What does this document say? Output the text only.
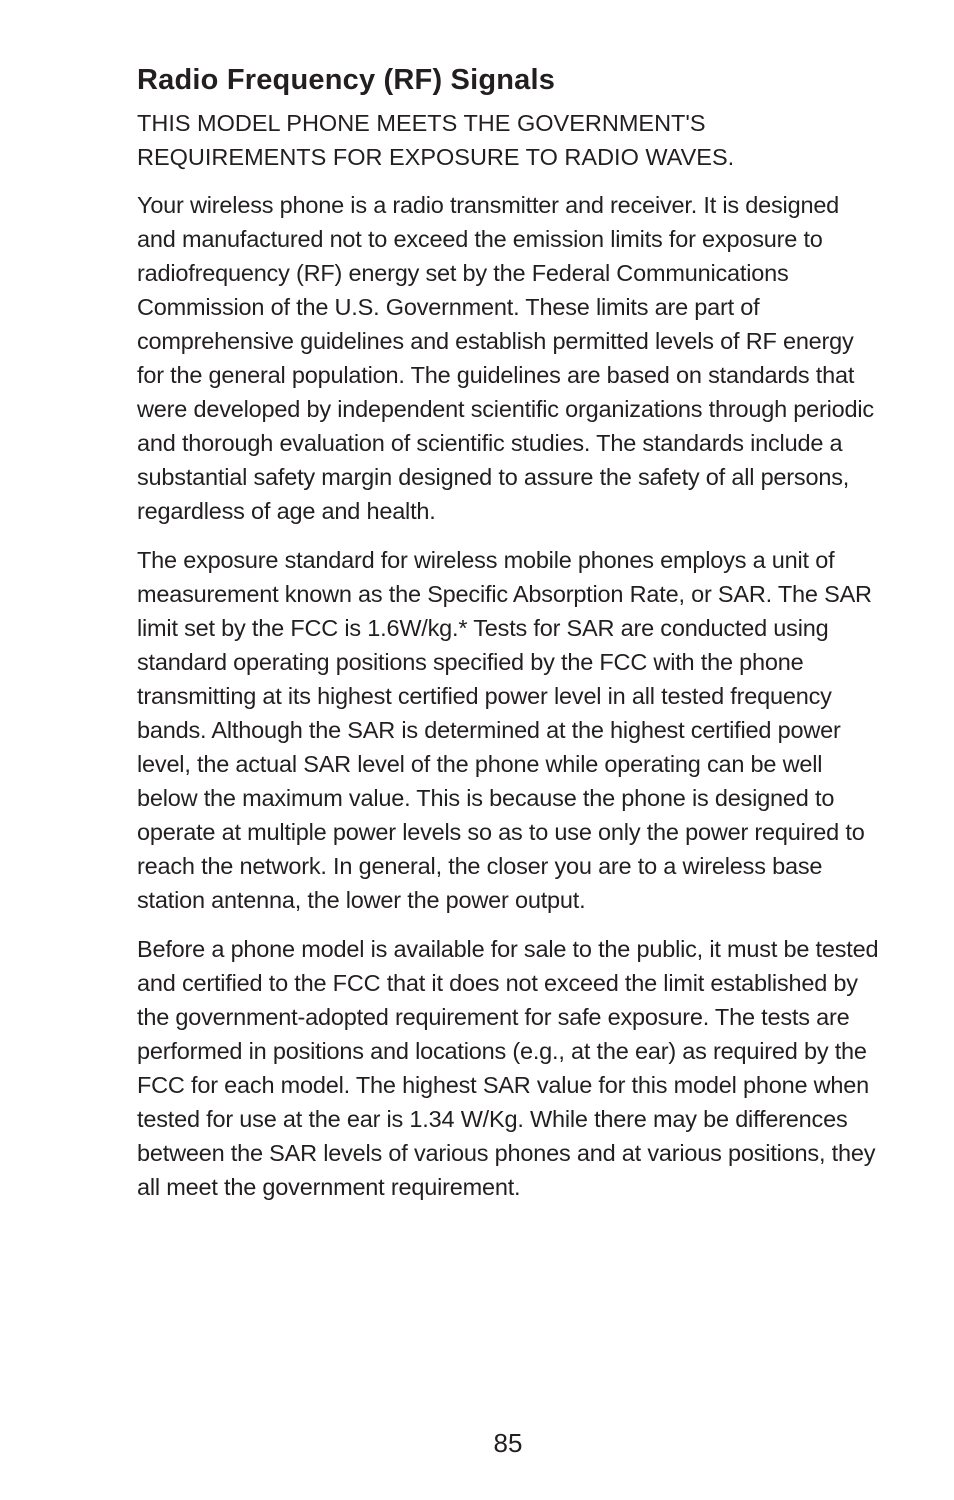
Radio Frequency (RF) Signals

THIS MODEL PHONE MEETS THE GOVERNMENT'S REQUIREMENTS FOR EXPOSURE TO RADIO WAVES.

Your wireless phone is a radio transmitter and receiver. It is designed and manufactured not to exceed the emission limits for exposure to radiofrequency (RF) energy set by the Federal Communications Commission of the U.S. Government. These limits are part of comprehensive guidelines and establish permitted levels of RF energy for the general population. The guidelines are based on standards that were developed by independent scientific organizations through periodic and thorough evaluation of scientific studies. The standards include a substantial safety margin designed to assure the safety of all persons, regardless of age and health.

The exposure standard for wireless mobile phones employs a unit of measurement known as the Specific Absorption Rate, or SAR. The SAR limit set by the FCC is 1.6W/kg.* Tests for SAR are conducted using standard operating positions specified by the FCC with the phone transmitting at its highest certified power level in all tested frequency bands. Although the SAR is determined at the highest certified power level, the actual SAR level of the phone while operating can be well below the maximum value. This is because the phone is designed to operate at multiple power levels so as to use only the power required to reach the network. In general, the closer you are to a wireless base station antenna, the lower the power output.

Before a phone model is available for sale to the public, it must be tested and certified to the FCC that it does not exceed the limit established by the government-adopted requirement for safe exposure. The tests are performed in positions and locations (e.g., at the ear) as required by the FCC for each model. The highest SAR value for this model phone when tested for use at the ear is 1.34 W/Kg. While there may be differences between the SAR levels of various phones and at various positions, they all meet the government requirement.

85
